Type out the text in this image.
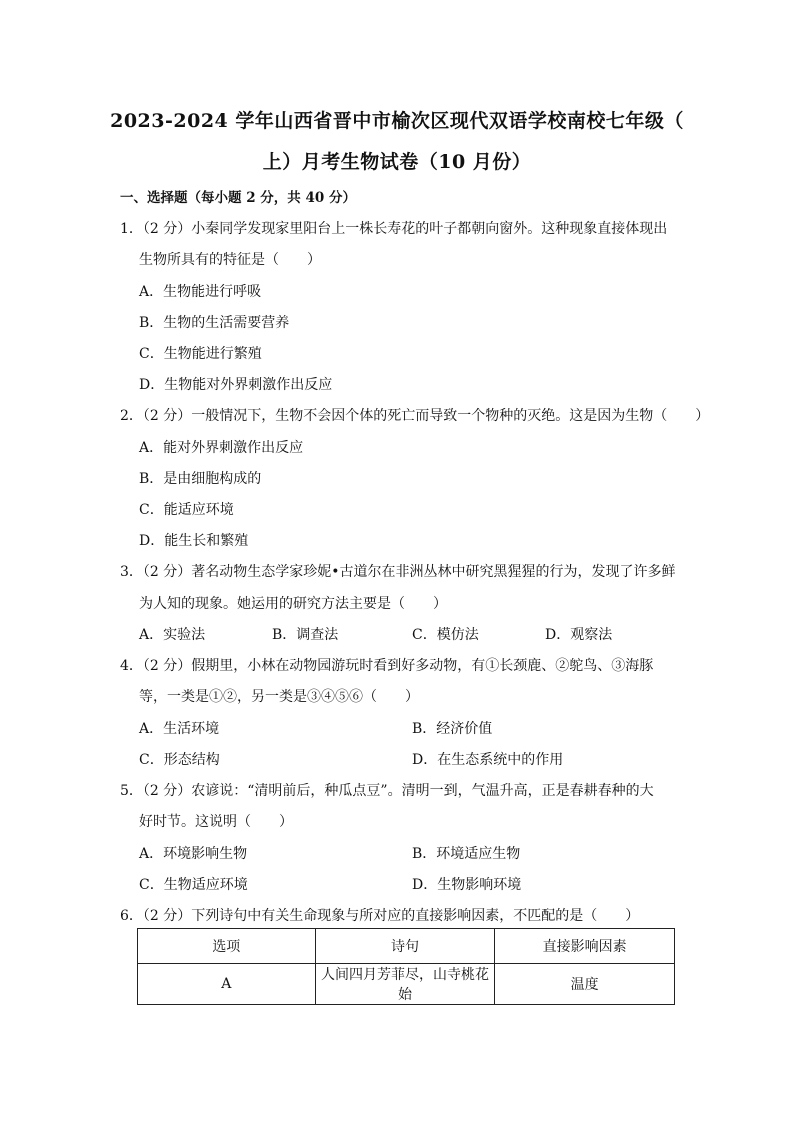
2023-2024 学年山西省晋中市榆次区现代双语学校南校七年级（
上）月考生物试卷（10 月份）
一、选择题（每小题 2 分，共 40 分）
1．（2 分）小秦同学发现家里阳台上一株长寿花的叶子都朝向窗外。这种现象直接体现出
生物所具有的特征是（　　）
A．生物能进行呼吸
B．生物的生活需要营养
C．生物能进行繁殖
D．生物能对外界刺激作出反应
2．（2 分）一般情况下，生物不会因个体的死亡而导致一个物种的灭绝。这是因为生物（　　）
A．能对外界刺激作出反应
B．是由细胞构成的
C．能适应环境
D．能生长和繁殖
3．（2 分）著名动物生态学家珍妮•古道尔在非洲丛林中研究黑猩猩的行为，发现了许多鲜
为人知的现象。她运用的研究方法主要是（　　）
A．实验法	B．调查法	C．模仿法	D．观察法
4．（2 分）假期里，小林在动物园游玩时看到好多动物，有①长颈鹿、②鸵鸟、③海豚
等，一类是①②，另一类是③④⑤⑥（　　）
A．生活环境	B．经济价值
C．形态结构	D．在生态系统中的作用
5．（2 分）农谚说：“清明前后，种瓜点豆”。清明一到，气温升高，正是春耕春种的大
好时节。这说明（　　）
A．环境影响生物	B．环境适应生物
C．生物适应环境	D．生物影响环境
6．（2 分）下列诗句中有关生命现象与所对应的直接影响因素，不匹配的是（　　）
选项	诗句	直接影响因素
A	人间四月芳菲尽，山寺桃花始	温度
